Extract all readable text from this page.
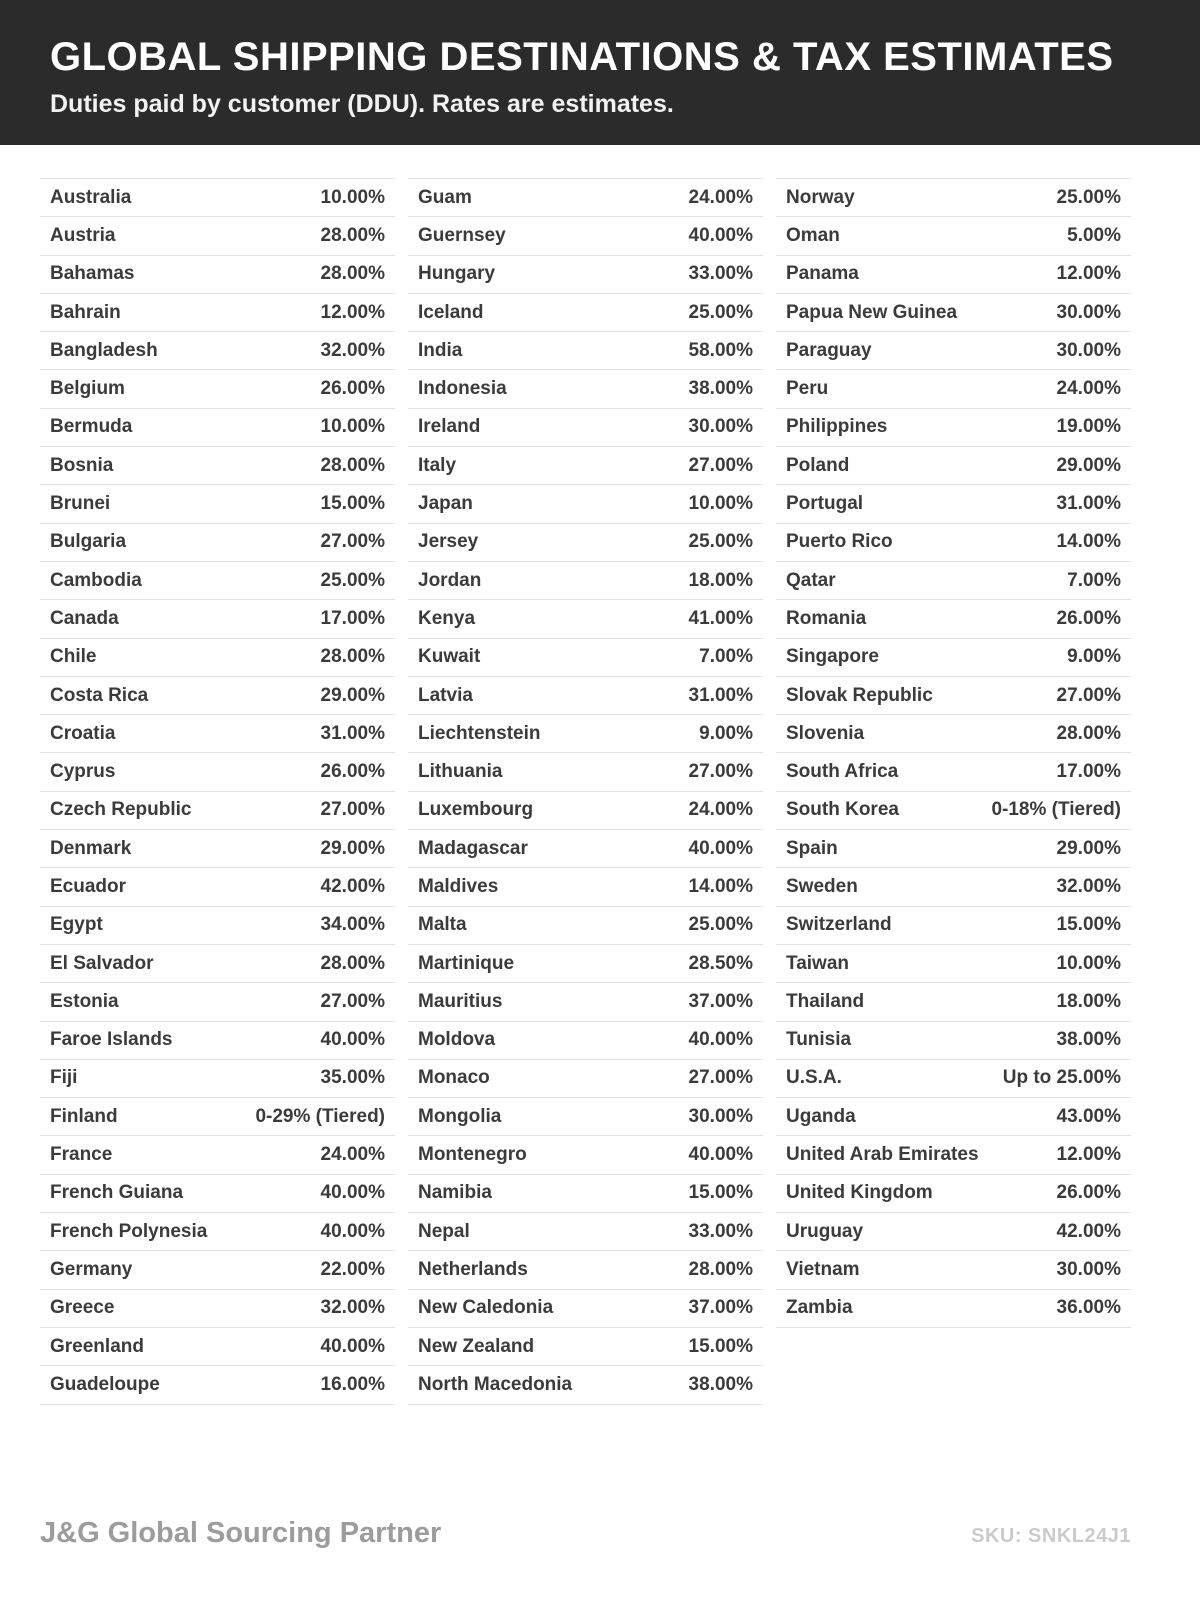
GLOBAL SHIPPING DESTINATIONS & TAX ESTIMATES
Duties paid by customer (DDU). Rates are estimates.
Australia	10.00%
Austria	28.00%
Bahamas	28.00%
Bahrain	12.00%
Bangladesh	32.00%
Belgium	26.00%
Bermuda	10.00%
Bosnia	28.00%
Brunei	15.00%
Bulgaria	27.00%
Cambodia	25.00%
Canada	17.00%
Chile	28.00%
Costa Rica	29.00%
Croatia	31.00%
Cyprus	26.00%
Czech Republic	27.00%
Denmark	29.00%
Ecuador	42.00%
Egypt	34.00%
El Salvador	28.00%
Estonia	27.00%
Faroe Islands	40.00%
Fiji	35.00%
Finland	0-29% (Tiered)
France	24.00%
French Guiana	40.00%
French Polynesia	40.00%
Germany	22.00%
Greece	32.00%
Greenland	40.00%
Guadeloupe	16.00%
Guam	24.00%
Guernsey	40.00%
Hungary	33.00%
Iceland	25.00%
India	58.00%
Indonesia	38.00%
Ireland	30.00%
Italy	27.00%
Japan	10.00%
Jersey	25.00%
Jordan	18.00%
Kenya	41.00%
Kuwait	7.00%
Latvia	31.00%
Liechtenstein	9.00%
Lithuania	27.00%
Luxembourg	24.00%
Madagascar	40.00%
Maldives	14.00%
Malta	25.00%
Martinique	28.50%
Mauritius	37.00%
Moldova	40.00%
Monaco	27.00%
Mongolia	30.00%
Montenegro	40.00%
Namibia	15.00%
Nepal	33.00%
Netherlands	28.00%
New Caledonia	37.00%
New Zealand	15.00%
North Macedonia	38.00%
Norway	25.00%
Oman	5.00%
Panama	12.00%
Papua New Guinea	30.00%
Paraguay	30.00%
Peru	24.00%
Philippines	19.00%
Poland	29.00%
Portugal	31.00%
Puerto Rico	14.00%
Qatar	7.00%
Romania	26.00%
Singapore	9.00%
Slovak Republic	27.00%
Slovenia	28.00%
South Africa	17.00%
South Korea	0-18% (Tiered)
Spain	29.00%
Sweden	32.00%
Switzerland	15.00%
Taiwan	10.00%
Thailand	18.00%
Tunisia	38.00%
U.S.A.	Up to 25.00%
Uganda	43.00%
United Arab Emirates	12.00%
United Kingdom	26.00%
Uruguay	42.00%
Vietnam	30.00%
Zambia	36.00%
J&G Global Sourcing Partner	SKU: SNKL24J1
